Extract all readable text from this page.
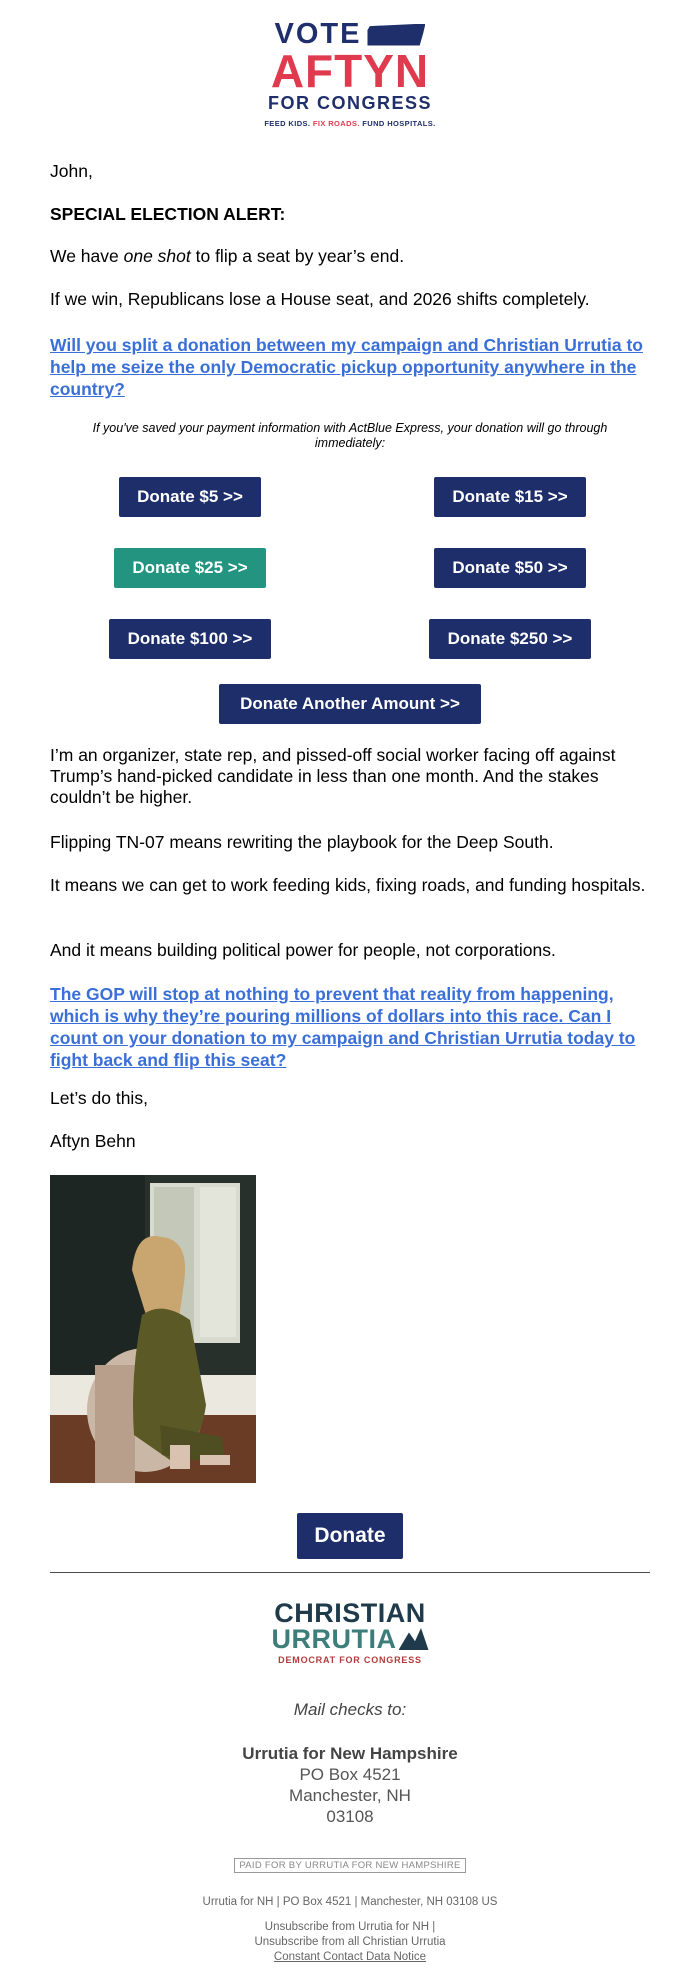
VOTE
AFTYN
FOR CONGRESS
FEED KIDS. FIX ROADS. FUND HOSPITALS.
John,
SPECIAL ELECTION ALERT:
We have one shot to flip a seat by year’s end.
If we win, Republicans lose a House seat, and 2026 shifts completely.
Will you split a donation between my campaign and Christian Urrutia to help me seize the only Democratic pickup opportunity anywhere in the country?
If you've saved your payment information with ActBlue Express, your donation will go through immediately:
Donate $5 >>	Donate $15 >>
Donate $25 >>	Donate $50 >>
Donate $100 >>	Donate $250 >>
Donate Another Amount >>
I’m an organizer, state rep, and pissed-off social worker facing off against Trump’s hand-picked candidate in less than one month. And the stakes couldn’t be higher.
Flipping TN-07 means rewriting the playbook for the Deep South.
It means we can get to work feeding kids, fixing roads, and funding hospitals.
And it means building political power for people, not corporations.
The GOP will stop at nothing to prevent that reality from happening, which is why they’re pouring millions of dollars into this race. Can I count on your donation to my campaign and Christian Urrutia today to fight back and flip this seat?
Let’s do this,
Aftyn Behn
Donate
CHRISTIAN
URRUTIA
DEMOCRAT FOR CONGRESS
Mail checks to:
Urrutia for New Hampshire
PO Box 4521
Manchester, NH
03108
PAID FOR BY URRUTIA FOR NEW HAMPSHIRE
Urrutia for NH | PO Box 4521 | Manchester, NH 03108 US
Unsubscribe from Urrutia for NH |
Unsubscribe from all Christian Urrutia
Constant Contact Data Notice
